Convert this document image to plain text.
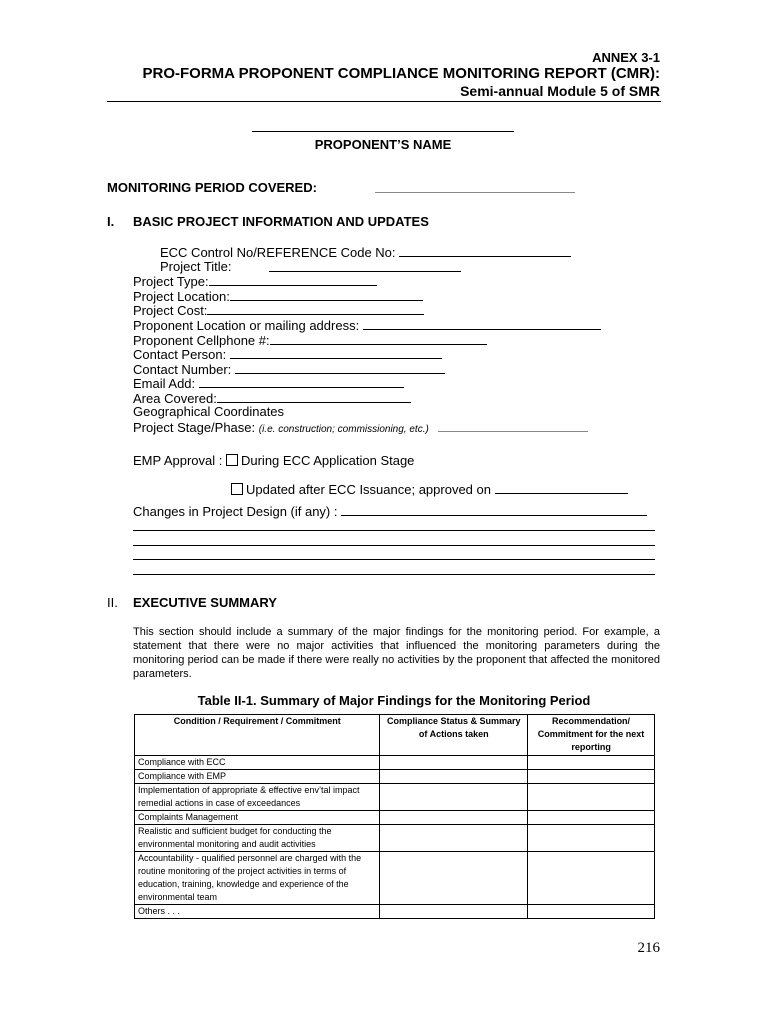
ANNEX 3-1
PRO-FORMA PROPONENT COMPLIANCE MONITORING REPORT (CMR):
Semi-annual Module 5 of SMR
PROPONENT’S NAME
MONITORING PERIOD COVERED:
I. BASIC PROJECT INFORMATION AND UPDATES
ECC Control No/REFERENCE Code No:
Project Title:
Project Type:
Project Location:
Project Cost:
Proponent Location or mailing address:
Proponent Cellphone #:
Contact Person:
Contact Number:
Email Add:
Area Covered:
Geographical Coordinates
Project Stage/Phase: (i.e. construction; commissioning, etc.)
EMP Approval : During ECC Application Stage
Updated after ECC Issuance; approved on
Changes in Project Design (if any) :
II. EXECUTIVE SUMMARY
This section should include a summary of the major findings for the monitoring period. For example, a statement that there were no major activities that influenced the monitoring parameters during the monitoring period can be made if there were really no activities by the proponent that affected the monitored parameters.
Table II-1. Summary of Major Findings for the Monitoring Period
Condition / Requirement / Commitment	Compliance Status & Summary of Actions taken	Recommendation/ Commitment for the next reporting
Compliance with ECC		
Compliance with EMP		
Implementation of appropriate & effective env’tal impact remedial actions in case of exceedances		
Complaints Management		
Realistic and sufficient budget for conducting the environmental monitoring and audit activities		
Accountability - qualified personnel are charged with the routine monitoring of the project activities in terms of education, training, knowledge and experience of the environmental team		
Others . . .		
216
